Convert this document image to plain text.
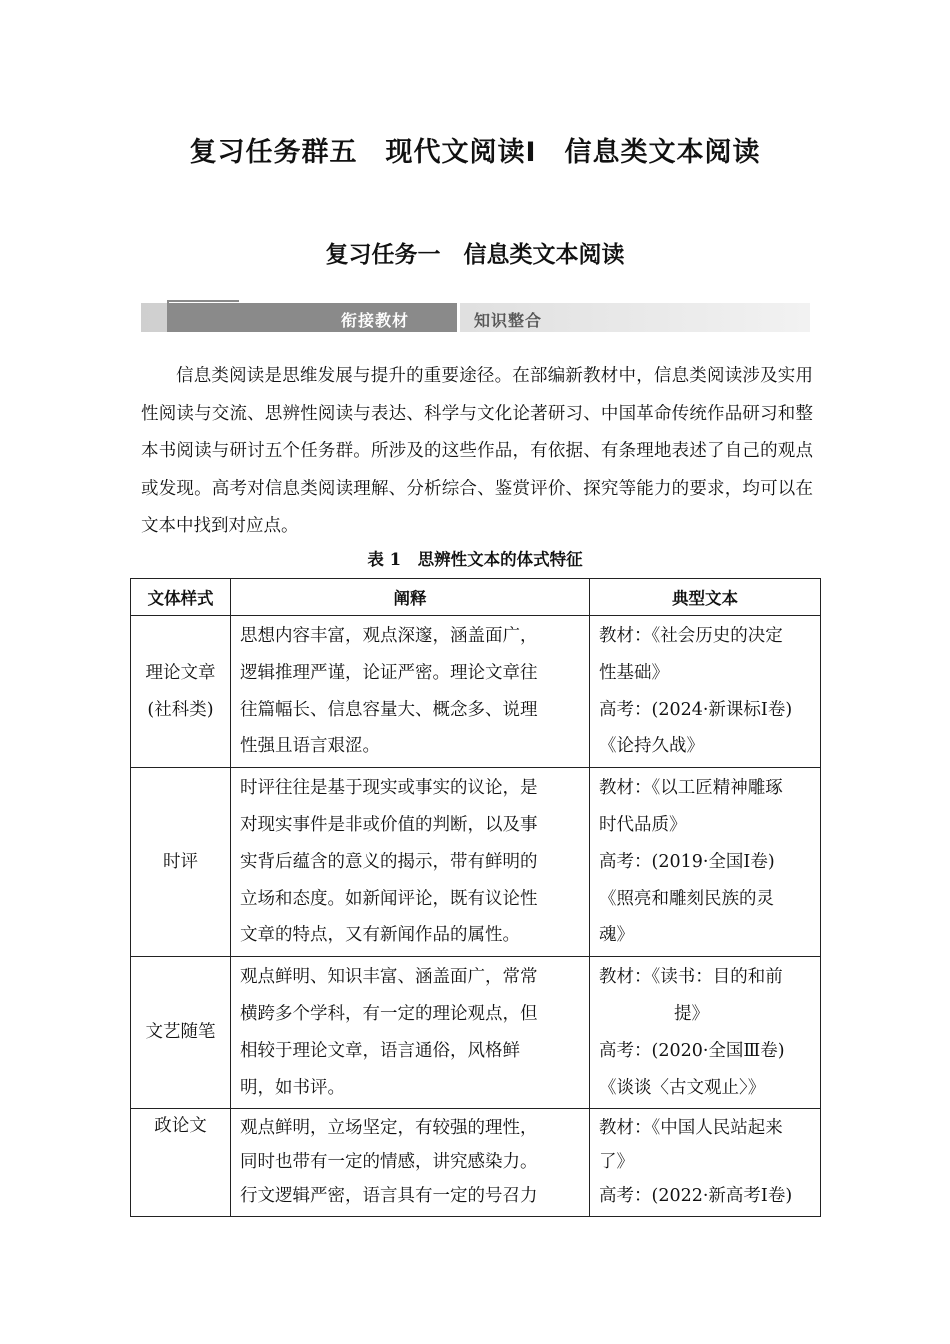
复习任务群五　现代文阅读Ⅰ　信息类文本阅读
复习任务一　信息类文本阅读
衔接教材	知识整合

信息类阅读是思维发展与提升的重要途径。在部编新教材中，信息类阅读涉及实用性阅读与交流、思辨性阅读与表达、科学与文化论著研习、中国革命传统作品研习和整本书阅读与研讨五个任务群。所涉及的这些作品，有依据、有条理地表述了自己的观点或发现。高考对信息类阅读理解、分析综合、鉴赏评价、探究等能力的要求，均可以在文本中找到对应点。

表 1　思辨性文本的体式特征
文体样式	阐释	典型文本

理论文章
(社科类)	思想内容丰富，观点深邃，涵盖面广，
逻辑推理严谨，论证严密。理论文章往
往篇幅长、信息容量大、概念多、说理
性强且语言艰涩。	教材：《社会历史的决定
性基础》
高考：(2024·新课标Ⅰ卷)
《论持久战》

时评	时评往往是基于现实或事实的议论，是
对现实事件是非或价值的判断，以及事
实背后蕴含的意义的揭示，带有鲜明的
立场和态度。如新闻评论，既有议论性
文章的特点，又有新闻作品的属性。	教材：《以工匠精神雕琢
时代品质》
高考：(2019·全国Ⅰ卷)
《照亮和雕刻民族的灵
魂》

文艺随笔	观点鲜明、知识丰富、涵盖面广，常常
横跨多个学科，有一定的理论观点，但
相较于理论文章，语言通俗，风格鲜
明，如书评。	教材：《读书：目的和前
提》
高考：(2020·全国Ⅲ卷)
《谈谈〈古文观止〉》

政论文	观点鲜明，立场坚定，有较强的理性，
同时也带有一定的情感，讲究感染力。
行文逻辑严密，语言具有一定的号召力	教材：《中国人民站起来
了》
高考：(2022·新高考Ⅰ卷)
